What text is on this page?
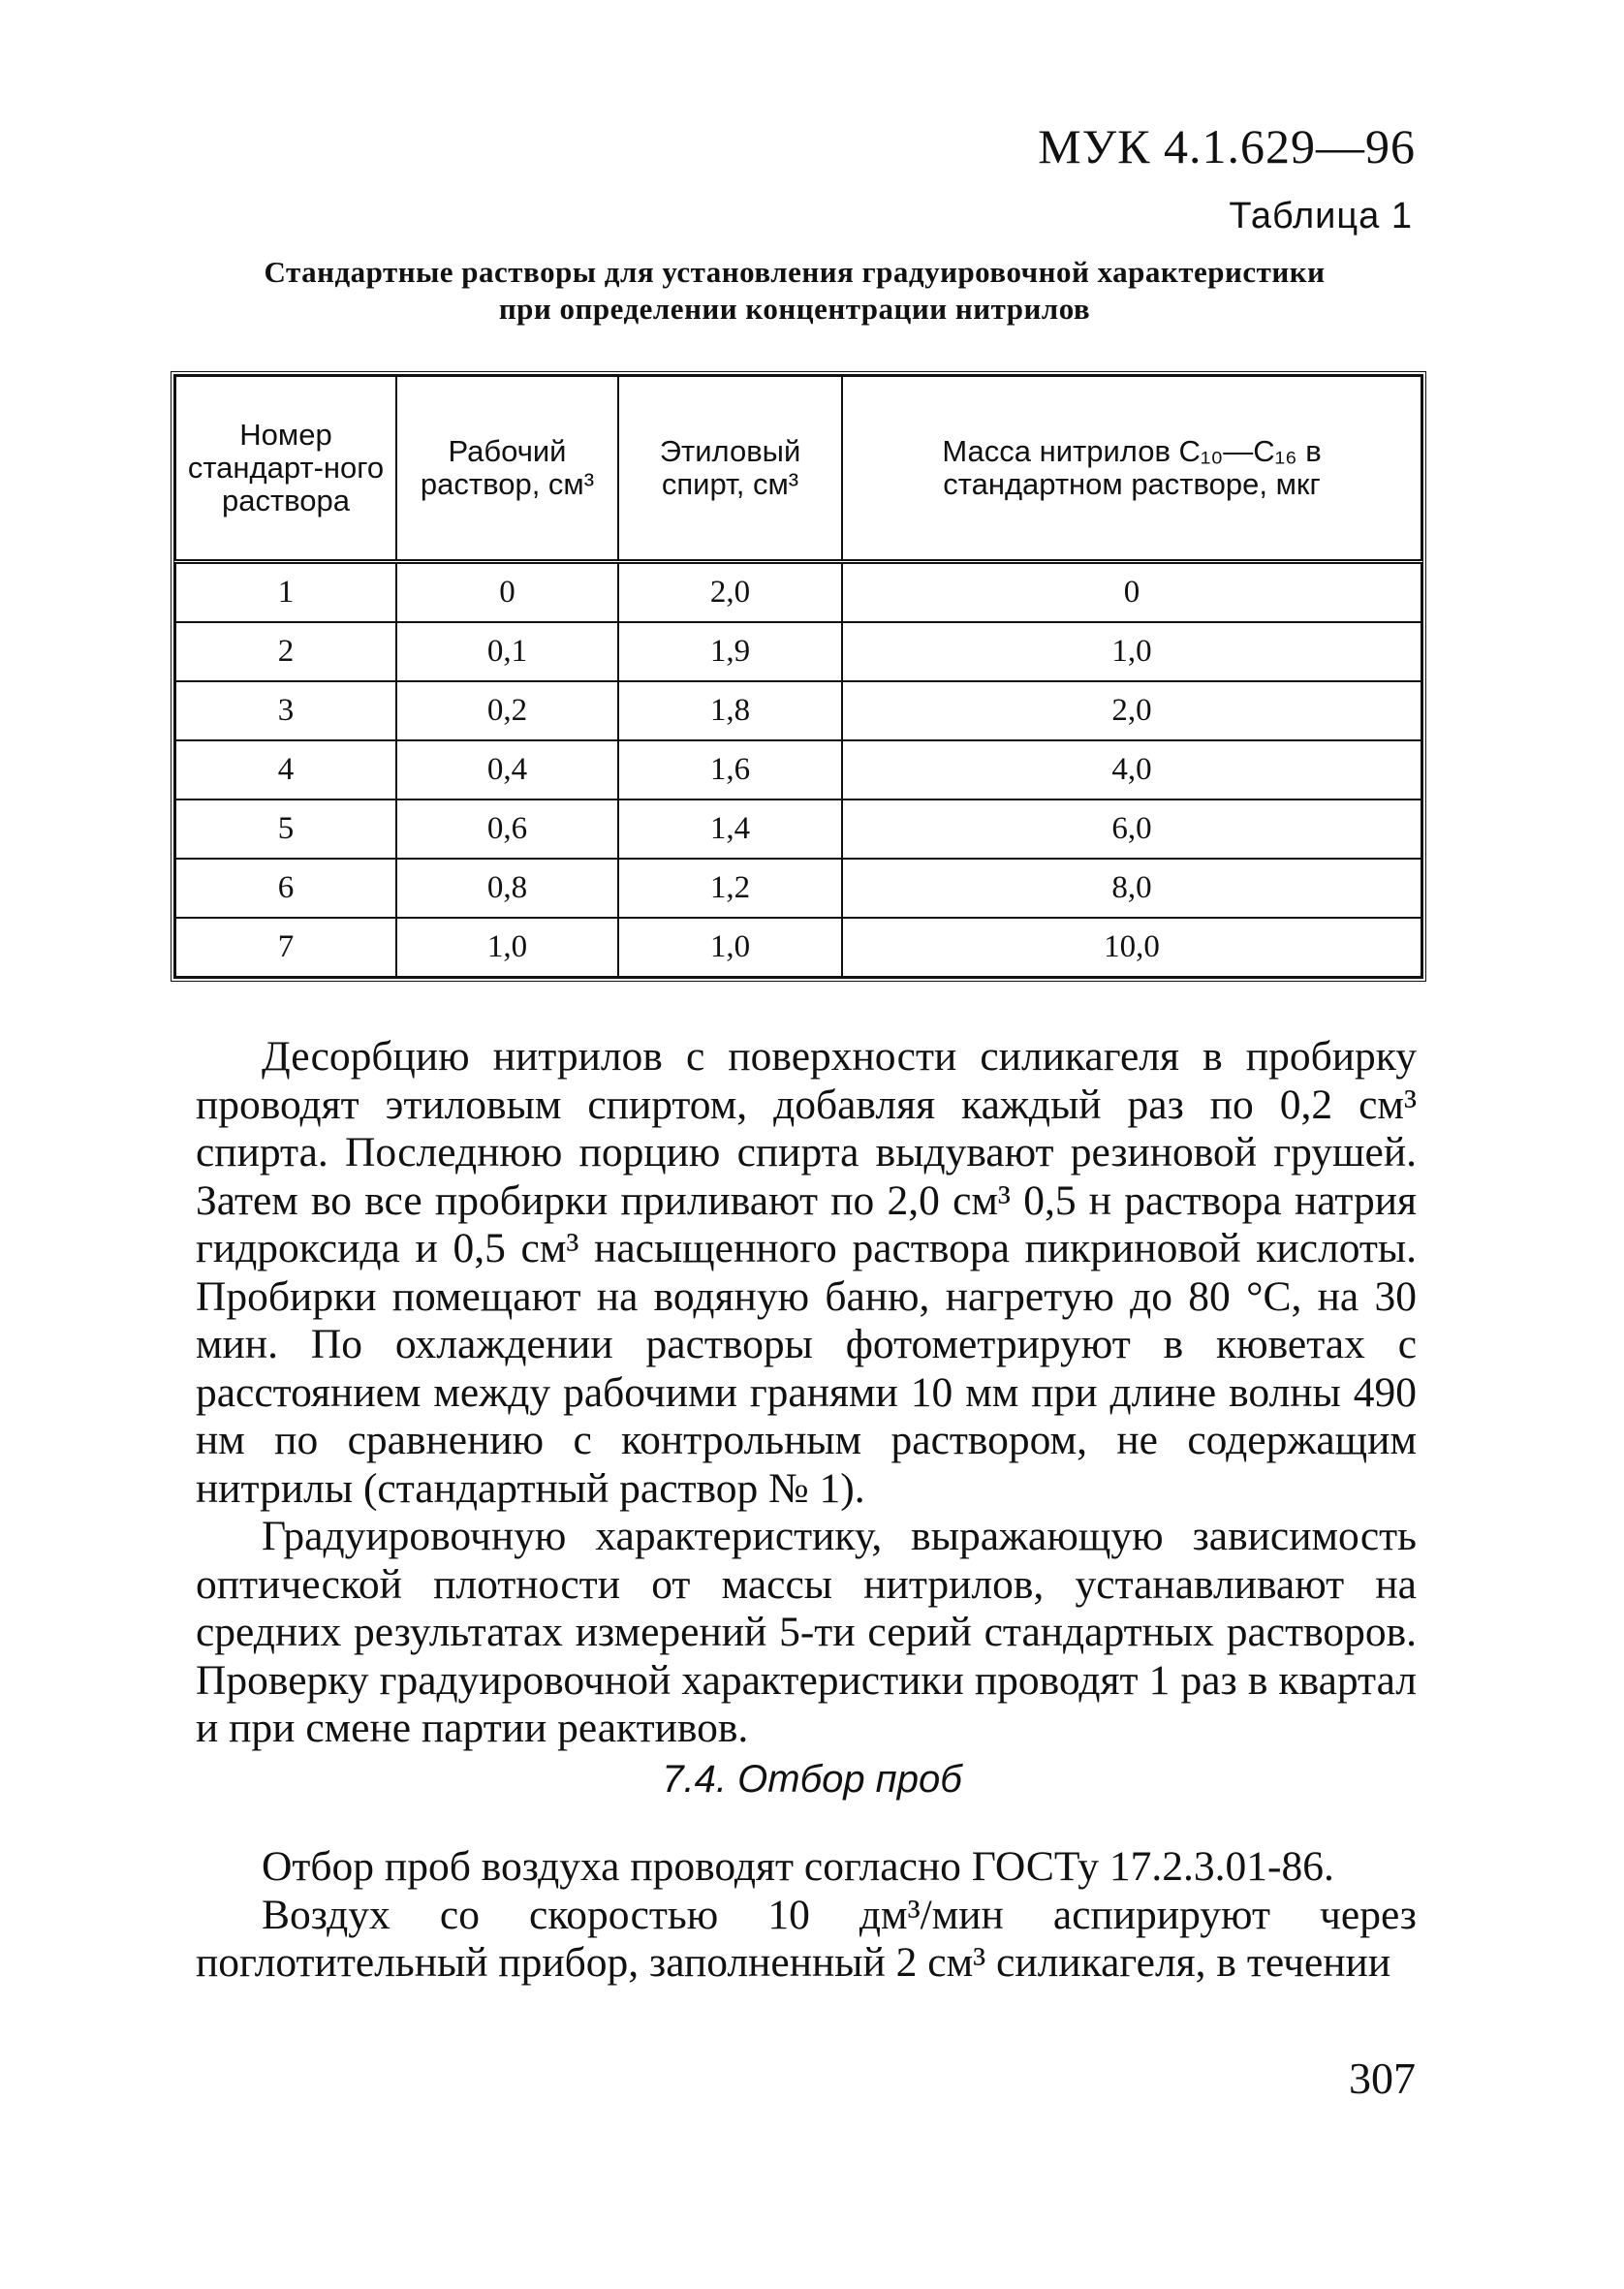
МУК 4.1.629—96
Таблица 1
Стандартные растворы для установления градуировочной характеристики
при определении концентрации нитрилов
Номер стандарт-ного раствора	Рабочий раствор, см³	Этиловый спирт, см³	Масса нитрилов C₁₀—C₁₆ в стандартном растворе, мкг
1	0	2,0	0
2	0,1	1,9	1,0
3	0,2	1,8	2,0
4	0,4	1,6	4,0
5	0,6	1,4	6,0
6	0,8	1,2	8,0
7	1,0	1,0	10,0

Десорбцию нитрилов с поверхности силикагеля в пробирку проводят этиловым спиртом, добавляя каждый раз по 0,2 см³ спирта. Последнюю порцию спирта выдувают резиновой грушей. Затем во все пробирки приливают по 2,0 см³ 0,5 н раствора натрия гидроксида и 0,5 см³ насыщенного раствора пикриновой кислоты. Пробирки помещают на водяную баню, нагретую до 80 °С, на 30 мин. По охлаждении растворы фотометрируют в кюветах с расстоянием между рабочими гранями 10 мм при длине волны 490 нм по сравнению с контрольным раствором, не содержащим нитрилы (стандартный раствор № 1).

Градуировочную характеристику, выражающую зависимость оптической плотности от массы нитрилов, устанавливают на средних результатах измерений 5-ти серий стандартных растворов. Проверку градуировочной характеристики проводят 1 раз в квартал и при смене партии реактивов.

7.4. Отбор проб

Отбор проб воздуха проводят согласно ГОСТу 17.2.3.01-86.

Воздух со скоростью 10 дм³/мин аспирируют через поглотительный прибор, заполненный 2 см³ силикагеля, в течении

307
